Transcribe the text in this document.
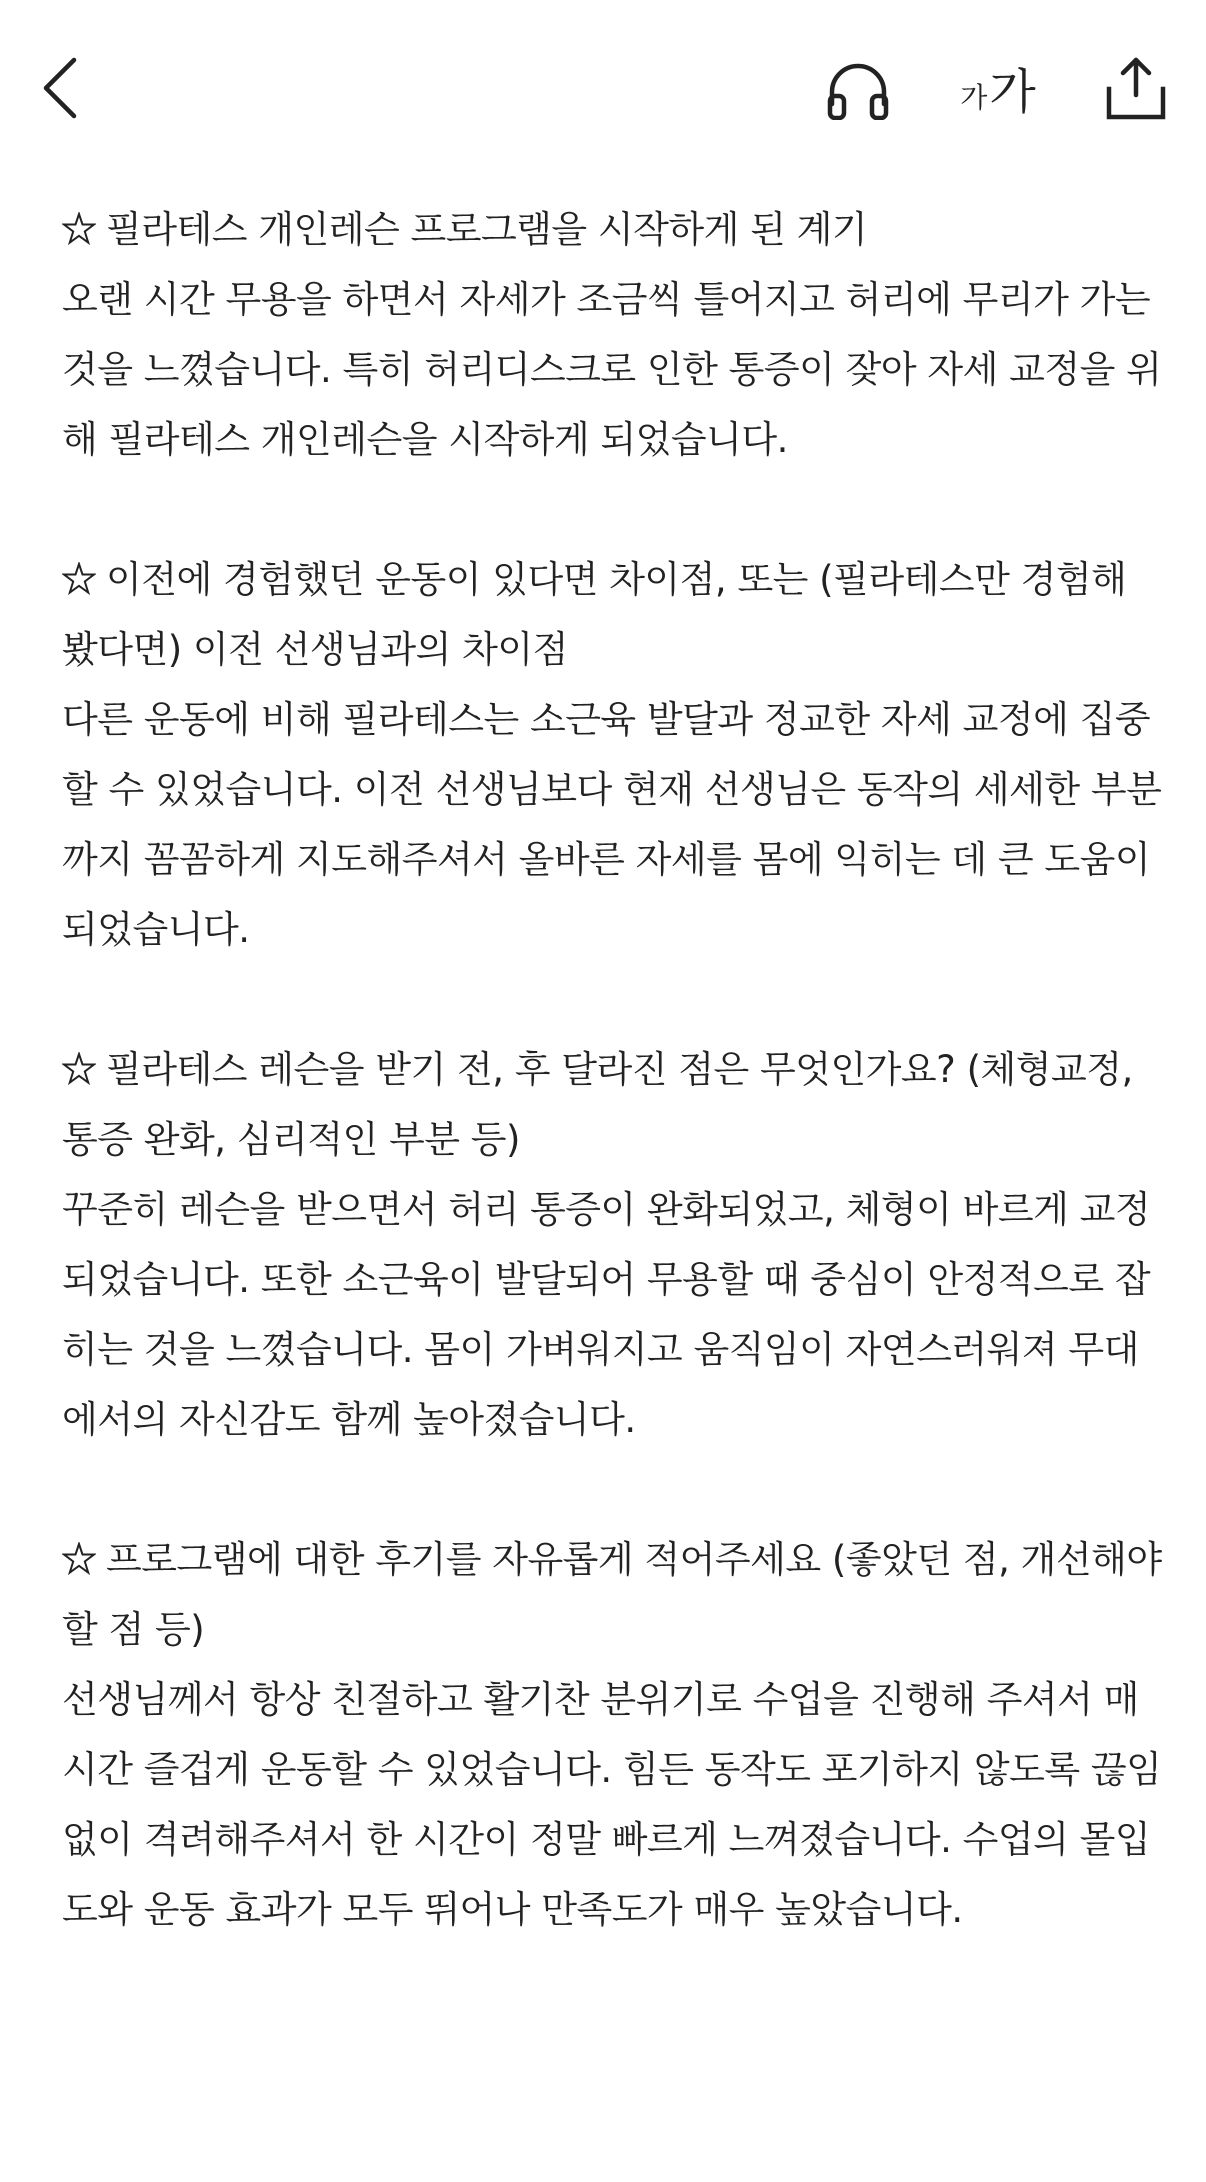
가 가

필라테스 개인레슨 프로그램을 시작하게 된 계기

오랜 시간 무용을 하면서 자세가 조금씩 틀어지고 허리에 무리가 가는 것을 느꼈습니다. 특히 허리디스크로 인한 통증이 잦아 자세 교정을 위해 필라테스 개인레슨을 시작하게 되었습니다.

이전에 경험했던 운동이 있다면 차이점, 또는 (필라테스만 경험해 봤다면) 이전 선생님과의 차이점

다른 운동에 비해 필라테스는 소근육 발달과 정교한 자세 교정에 집중할 수 있었습니다. 이전 선생님보다 현재 선생님은 동작의 세세한 부분까지 꼼꼼하게 지도해주셔서 올바른 자세를 몸에 익히는 데 큰 도움이 되었습니다.

필라테스 레슨을 받기 전, 후 달라진 점은 무엇인가요? (체형교정, 통증 완화, 심리적인 부분 등)

꾸준히 레슨을 받으면서 허리 통증이 완화되었고, 체형이 바르게 교정되었습니다. 또한 소근육이 발달되어 무용할 때 중심이 안정적으로 잡히는 것을 느꼈습니다. 몸이 가벼워지고 움직임이 자연스러워져 무대에서의 자신감도 함께 높아졌습니다.

프로그램에 대한 후기를 자유롭게 적어주세요 (좋았던 점, 개선해야 할 점 등)

선생님께서 항상 친절하고 활기찬 분위기로 수업을 진행해 주셔서 매 시간 즐겁게 운동할 수 있었습니다. 힘든 동작도 포기하지 않도록 끊임없이 격려해주셔서 한 시간이 정말 빠르게 느껴졌습니다. 수업의 몰입도와 운동 효과가 모두 뛰어나 만족도가 매우 높았습니다.
